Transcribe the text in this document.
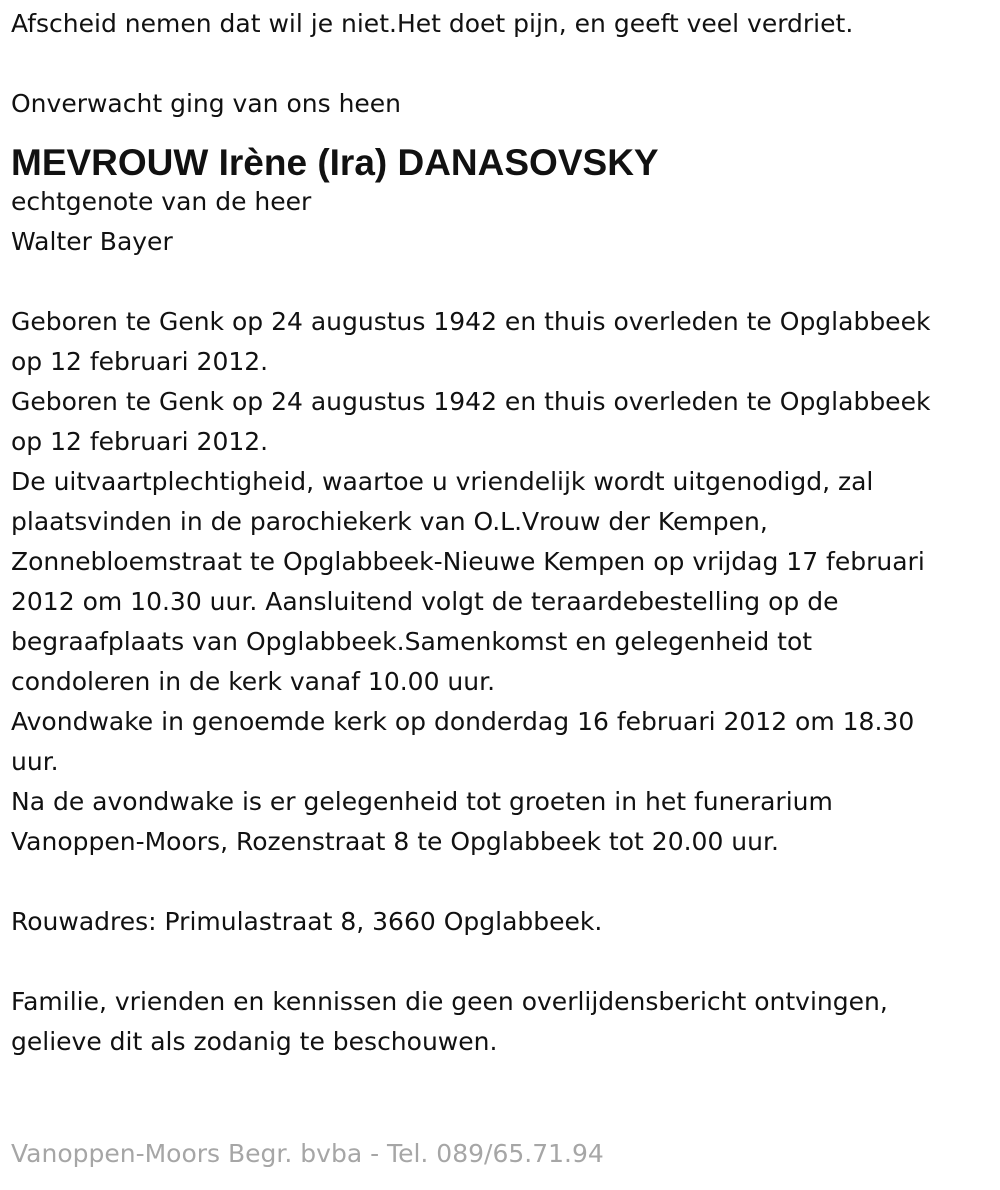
Afscheid nemen dat wil je niet.Het doet pijn, en geeft veel verdriet.
Onverwacht ging van ons heen
MEVROUW Irène (Ira) DANASOVSKY
echtgenote van de heer
Walter Bayer
Geboren te Genk op 24 augustus 1942 en thuis overleden te Opglabbeek
op 12 februari 2012.
Geboren te Genk op 24 augustus 1942 en thuis overleden te Opglabbeek
op 12 februari 2012.
De uitvaartplechtigheid, waartoe u vriendelijk wordt uitgenodigd, zal
plaatsvinden in de parochiekerk van O.L.Vrouw der Kempen,
Zonnebloemstraat te Opglabbeek-Nieuwe Kempen op vrijdag 17 februari
2012 om 10.30 uur. Aansluitend volgt de teraardebestelling op de
begraafplaats van Opglabbeek.Samenkomst en gelegenheid tot
condoleren in de kerk vanaf 10.00 uur.
Avondwake in genoemde kerk op donderdag 16 februari 2012 om 18.30
uur.
Na de avondwake is er gelegenheid tot groeten in het funerarium
Vanoppen-Moors, Rozenstraat 8 te Opglabbeek tot 20.00 uur.
Rouwadres: Primulastraat 8, 3660 Opglabbeek.
Familie, vrienden en kennissen die geen overlijdensbericht ontvingen,
gelieve dit als zodanig te beschouwen.
Vanoppen-Moors Begr. bvba - Tel. 089/65.71.94
